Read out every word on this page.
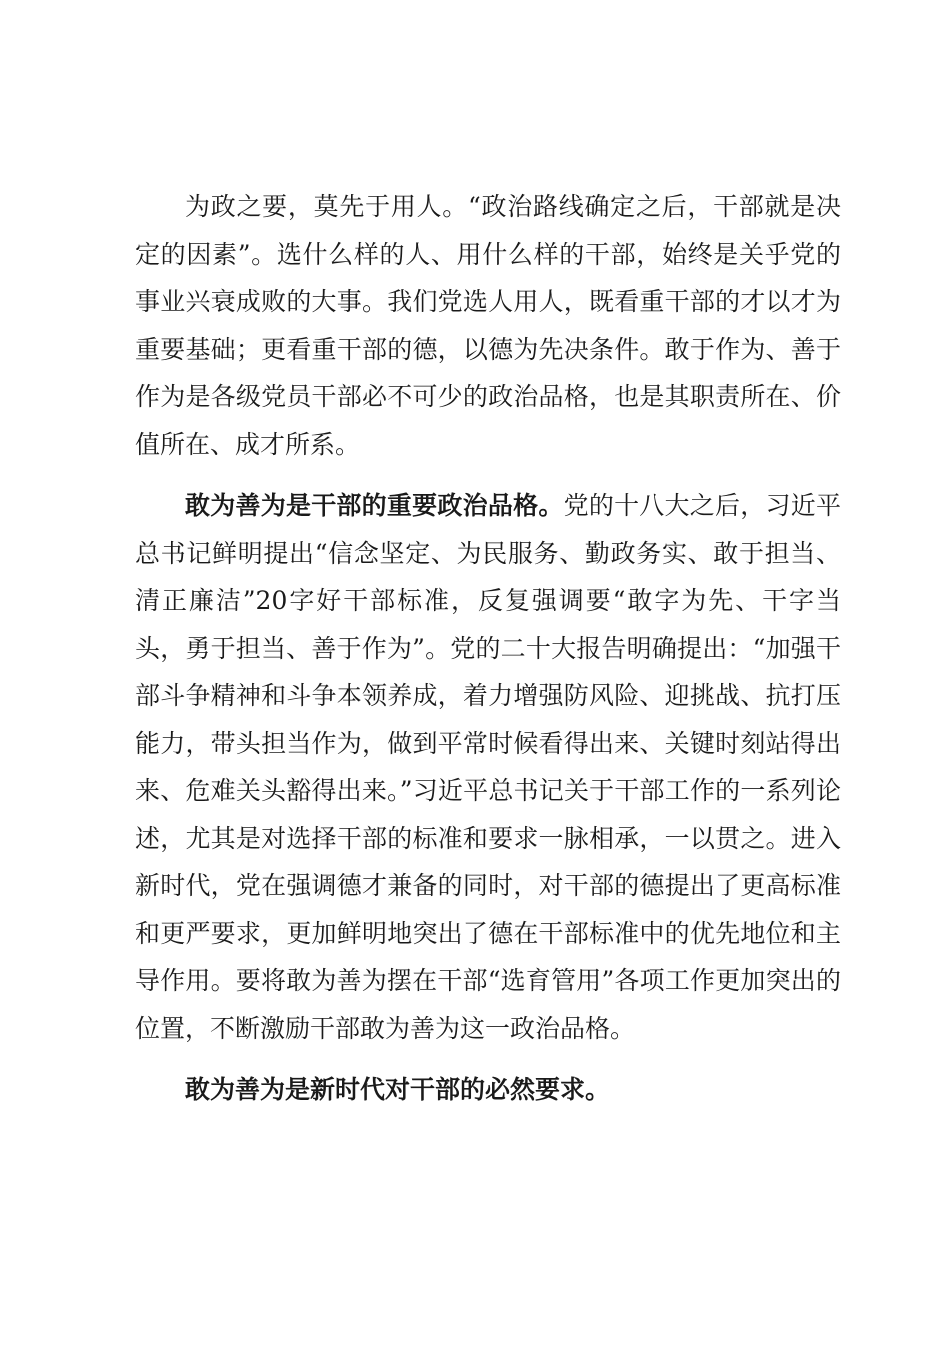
为政之要，莫先于用人。“政治路线确定之后，干部就是决定的因素”。选什么样的人、用什么样的干部，始终是关乎党的事业兴衰成败的大事。我们党选人用人，既看重干部的才以才为重要基础；更看重干部的德，以德为先决条件。敢于作为、善于作为是各级党员干部必不可少的政治品格，也是其职责所在、价值所在、成才所系。

敢为善为是干部的重要政治品格。党的十八大之后，习近平总书记鲜明提出“信念坚定、为民服务、勤政务实、敢于担当、清正廉洁”20字好干部标准，反复强调要“敢字为先、干字当头，勇于担当、善于作为”。党的二十大报告明确提出：“加强干部斗争精神和斗争本领养成，着力增强防风险、迎挑战、抗打压能力，带头担当作为，做到平常时候看得出来、关键时刻站得出来、危难关头豁得出来。”习近平总书记关于干部工作的一系列论述，尤其是对选择干部的标准和要求一脉相承，一以贯之。进入新时代，党在强调德才兼备的同时，对干部的德提出了更高标准和更严要求，更加鲜明地突出了德在干部标准中的优先地位和主导作用。要将敢为善为摆在干部“选育管用”各项工作更加突出的位置，不断激励干部敢为善为这一政治品格。

敢为善为是新时代对干部的必然要求。
